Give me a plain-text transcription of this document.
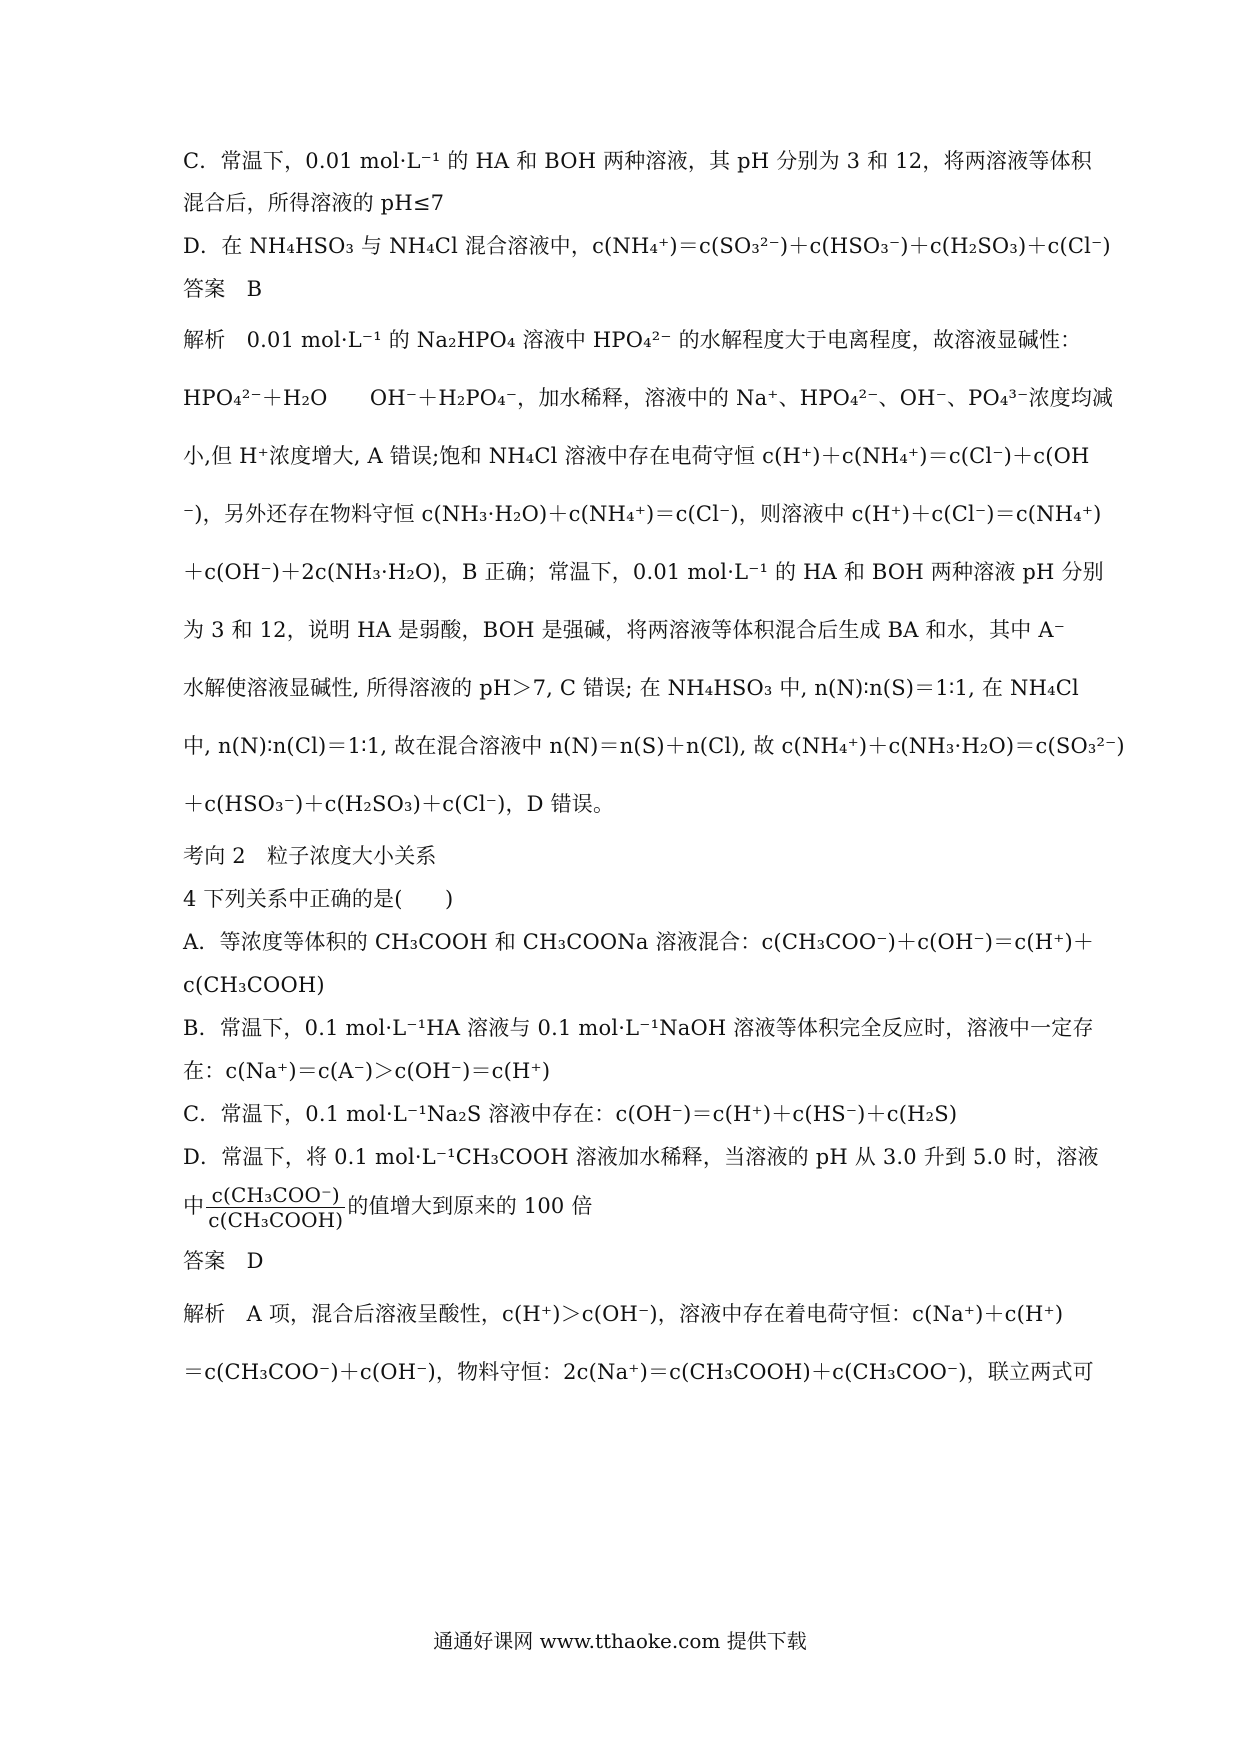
C．常温下，0.01 mol·L⁻¹ 的 HA 和 BOH 两种溶液，其 pH 分别为 3 和 12，将两溶液等体积
混合后，所得溶液的 pH≤7
D．在 NH₄HSO₃ 与 NH₄Cl 混合溶液中，c(NH₄⁺)＝c(SO₃²⁻)＋c(HSO₃⁻)＋c(H₂SO₃)＋c(Cl⁻)
答案　B
解析　0.01 mol·L⁻¹ 的 Na₂HPO₄ 溶液中 HPO₄²⁻ 的水解程度大于电离程度，故溶液显碱性：
HPO₄²⁻＋H₂O　　OH⁻＋H₂PO₄⁻，加水稀释，溶液中的 Na⁺、HPO₄²⁻、OH⁻、PO₄³⁻浓度均减
小,但 H⁺浓度增大, A 错误;饱和 NH₄Cl 溶液中存在电荷守恒 c(H⁺)＋c(NH₄⁺)＝c(Cl⁻)＋c(OH
⁻)，另外还存在物料守恒 c(NH₃·H₂O)＋c(NH₄⁺)＝c(Cl⁻)，则溶液中 c(H⁺)＋c(Cl⁻)＝c(NH₄⁺)
＋c(OH⁻)＋2c(NH₃·H₂O)，B 正确；常温下，0.01 mol·L⁻¹ 的 HA 和 BOH 两种溶液 pH 分别
为 3 和 12，说明 HA 是弱酸，BOH 是强碱，将两溶液等体积混合后生成 BA 和水，其中 A⁻
水解使溶液显碱性, 所得溶液的 pH＞7, C 错误; 在 NH₄HSO₃ 中, n(N)∶n(S)＝1∶1, 在 NH₄Cl
中, n(N)∶n(Cl)＝1∶1, 故在混合溶液中 n(N)＝n(S)＋n(Cl), 故 c(NH₄⁺)＋c(NH₃·H₂O)＝c(SO₃²⁻)
＋c(HSO₃⁻)＋c(H₂SO₃)＋c(Cl⁻)，D 错误。
考向 2　粒子浓度大小关系
4 下列关系中正确的是(　　)
A．等浓度等体积的 CH₃COOH 和 CH₃COONa 溶液混合：c(CH₃COO⁻)＋c(OH⁻)＝c(H⁺)＋
c(CH₃COOH)
B．常温下，0.1 mol·L⁻¹HA 溶液与 0.1 mol·L⁻¹NaOH 溶液等体积完全反应时，溶液中一定存
在：c(Na⁺)＝c(A⁻)＞c(OH⁻)＝c(H⁺)
C．常温下，0.1 mol·L⁻¹Na₂S 溶液中存在：c(OH⁻)＝c(H⁺)＋c(HS⁻)＋c(H₂S)
D．常温下，将 0.1 mol·L⁻¹CH₃COOH 溶液加水稀释，当溶液的 pH 从 3.0 升到 5.0 时，溶液
中 $\frac{\text{c(CH₃COO⁻)}}{\text{c(CH₃COOH)}}$ 的值增大到原来的 100 倍
答案　D
解析　A 项，混合后溶液呈酸性，c(H⁺)＞c(OH⁻)，溶液中存在着电荷守恒：c(Na⁺)＋c(H⁺)
＝c(CH₃COO⁻)＋c(OH⁻)，物料守恒：2c(Na⁺)＝c(CH₃COOH)＋c(CH₃COO⁻)，联立两式可
通通好课网 www.tthaoke.com 提供下载
